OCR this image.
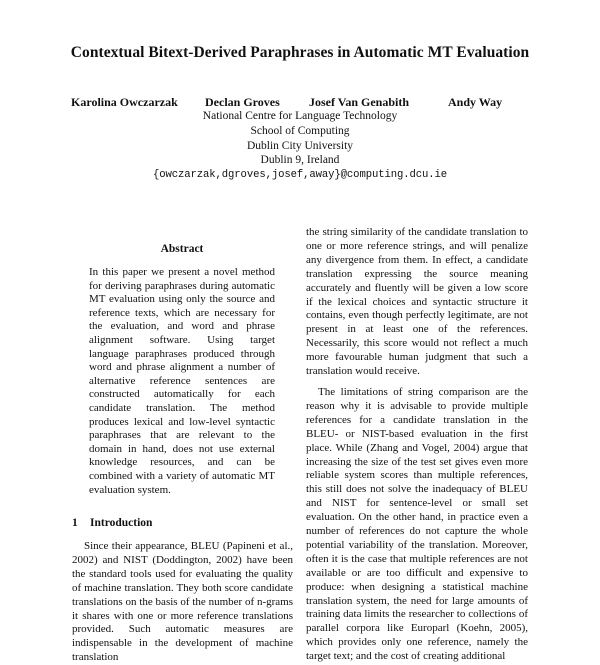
Contextual Bitext-Derived Paraphrases in Automatic MT Evaluation
Karolina Owczarzak Declan Groves Josef Van Genabith	Andy Way
National Centre for Language Technology
School of Computing
Dublin City University
Dublin 9, Ireland
{owczarzak,dgroves,josef,away}@computing.dcu.ie
Abstract
In this paper we present a novel method for deriving paraphrases during automatic MT evaluation using only the source and reference texts, which are necessary for the evaluation, and word and phrase alignment software. Using target language paraphrases produced through word and phrase alignment a number of alternative reference sentences are constructed automatically for each candidate translation. The method produces lexical and low-level syntactic paraphrases that are relevant to the domain in hand, does not use external knowledge resources, and can be combined with a variety of automatic MT evaluation system.
1 Introduction

Since their appearance, BLEU (Papineni et al., 2002) and NIST (Doddington, 2002) have been the standard tools used for evaluating the quality of machine translation. They both score candidate translations on the basis of the number of n-grams it shares with one or more reference translations provided. Such automatic measures are indispensable in the development of machine translation

the string similarity of the candidate translation to one or more reference strings, and will penalize any divergence from them. In effect, a candidate translation expressing the source meaning accurately and fluently will be given a low score if the lexical choices and syntactic structure it contains, even though perfectly legitimate, are not present in at least one of the references. Necessarily, this score would not reflect a much more favourable human judgment that such a translation would receive.

The limitations of string comparison are the reason why it is advisable to provide multiple references for a candidate translation in the BLEU- or NIST-based evaluation in the first place. While (Zhang and Vogel, 2004) argue that increasing the size of the test set gives even more reliable system scores than multiple references, this still does not solve the inadequacy of BLEU and NIST for sentence-level or small set evaluation. On the other hand, in practice even a number of references do not capture the whole potential variability of the translation. Moreover, often it is the case that multiple references are not available or are too difficult and expensive to produce: when designing a statistical machine translation system, the need for large amounts of training data limits the researcher to collections of parallel corpora like Europarl (Koehn, 2005), which provides only one reference, namely the target text; and the cost of creating additional
